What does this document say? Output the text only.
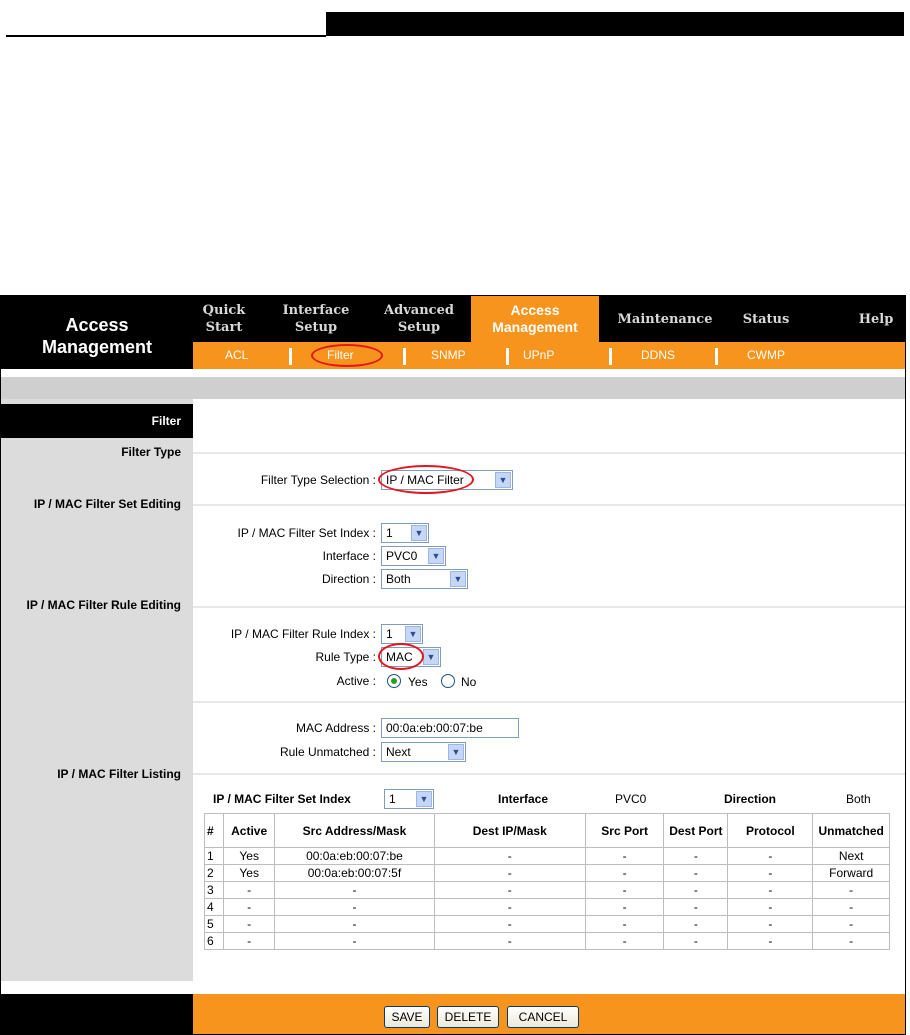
Access
Management
Quick
Start
Interface
Setup
Advanced
Setup
Access
Management	Maintenance Status	Help
ACL	Filter	SNMP	UPnP	DDNS	CWMP
Filter
Filter Type
IP / MAC Filter Set Editing
IP / MAC Filter Rule Editing
IP / MAC Filter Listing
Filter Type Selection : IP / MAC Filter	▼
IP / MAC Filter Set Index : 1	▼
Interface : PVC0	▼
Direction : Both	▼
IP / MAC Filter Rule Index : 1	▼
Rule Type : MAC	▼
Active :	Yes	No
MAC Address : 00:0a:eb:00:07:be
Rule Unmatched : Next	▼
IP / MAC Filter Set Index	1	▼	Interface	PVC0	Direction	Both
#	Active	Src Address/Mask	Dest IP/Mask	Src Port	Dest Port	Protocol	Unmatched
1	Yes	00:0a:eb:00:07:be	-	-	-	-	Next
2	Yes	00:0a:eb:00:07:5f	-	-	-	-	Forward
3	-	-	-	-	-	-	-
4	-	-	-	-	-	-	-
5	-	-	-	-	-	-	-
6	-	-	-	-	-	-	-
SAVE	DELETE	CANCEL
